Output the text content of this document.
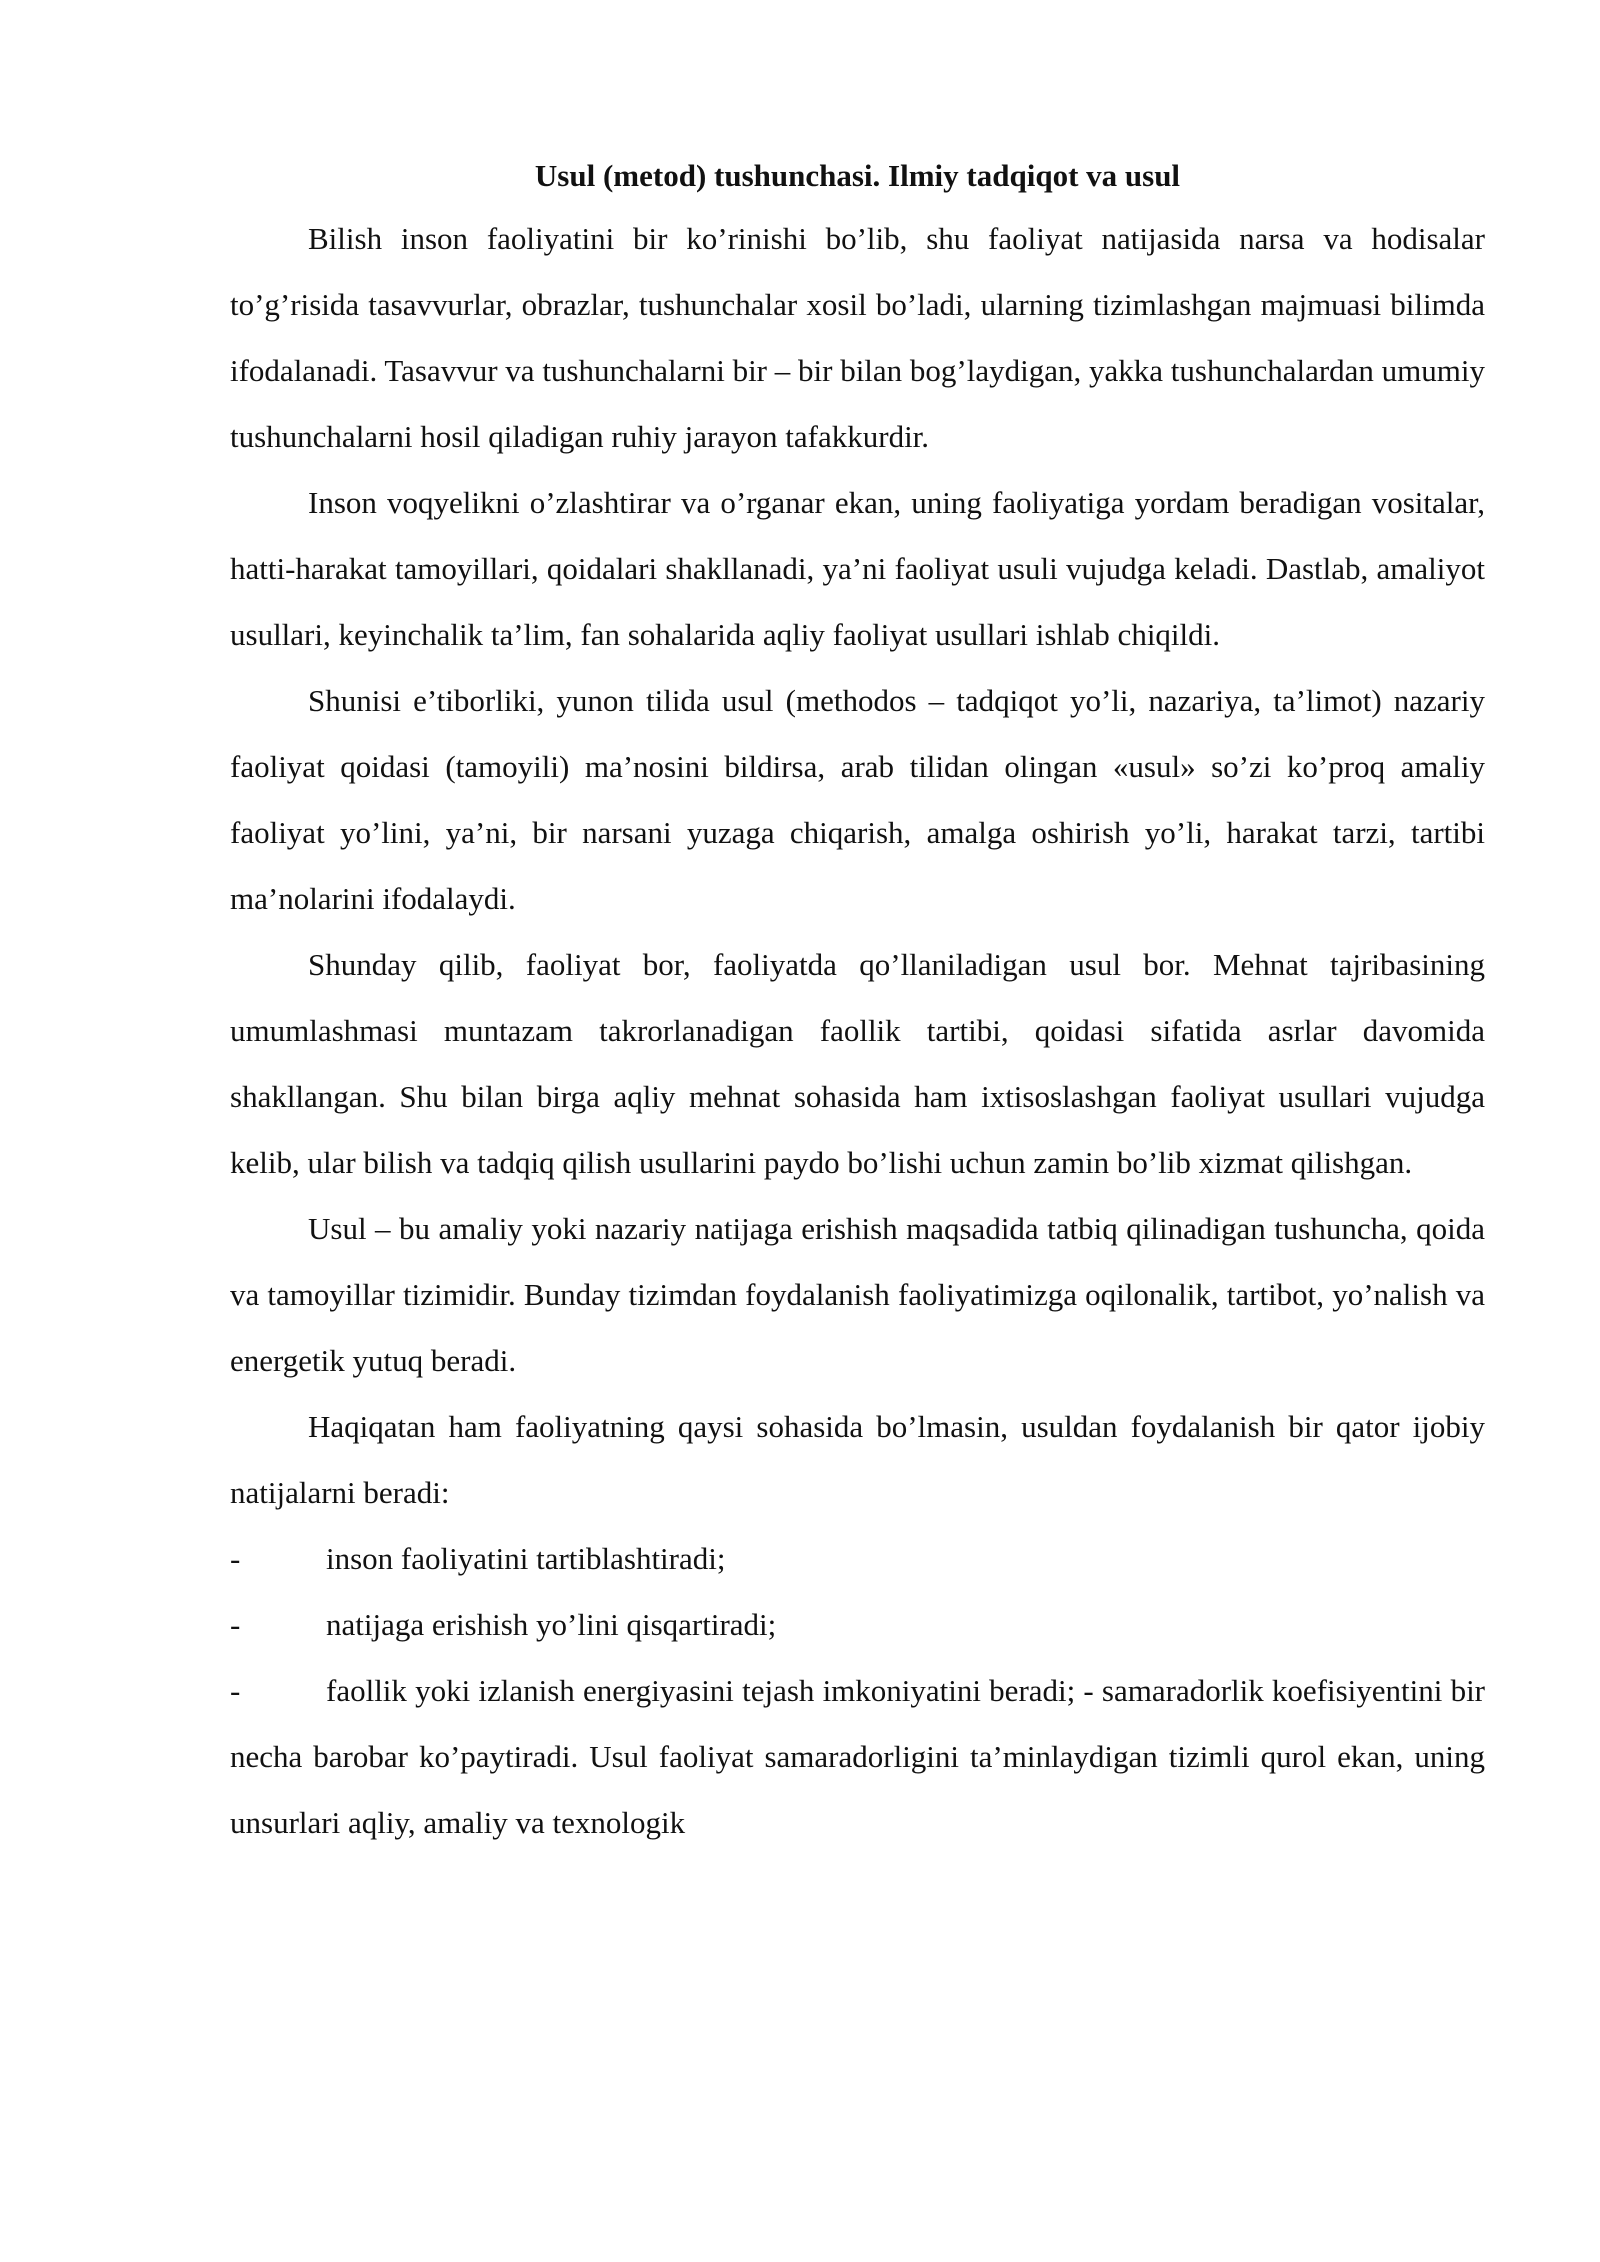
Usul (metod) tushunchasi. Ilmiy tadqiqot va usul

Bilish inson faoliyatini bir ko’rinishi bo’lib, shu faoliyat natijasida narsa va hodisalar to’g’risida tasavvurlar, obrazlar, tushunchalar xosil bo’ladi, ularning tizimlashgan majmuasi bilimda ifodalanadi. Tasavvur va tushunchalarni bir – bir bilan bog’laydigan, yakka tushunchalardan umumiy tushunchalarni hosil qiladigan ruhiy jarayon tafakkurdir.

Inson voqyelikni o’zlashtirar va o’rganar ekan, uning faoliyatiga yordam beradigan vositalar, hatti-harakat tamoyillari, qoidalari shakllanadi, ya’ni faoliyat usuli vujudga keladi. Dastlab, amaliyot usullari, keyinchalik ta’lim, fan sohalarida aqliy faoliyat usullari ishlab chiqildi.

Shunisi e’tiborliki, yunon tilida usul (methodos – tadqiqot yo’li, nazariya, ta’limot) nazariy faoliyat qoidasi (tamoyili) ma’nosini bildirsa, arab tilidan olingan «usul» so’zi ko’proq amaliy faoliyat yo’lini, ya’ni, bir narsani yuzaga chiqarish, amalga oshirish yo’li, harakat tarzi, tartibi ma’nolarini ifodalaydi.

Shunday qilib, faoliyat bor, faoliyatda qo’llaniladigan usul bor. Mehnat tajribasining umumlashmasi muntazam takrorlanadigan faollik tartibi, qoidasi sifatida asrlar davomida shakllangan. Shu bilan birga aqliy mehnat sohasida ham ixtisoslashgan faoliyat usullari vujudga kelib, ular bilish va tadqiq qilish usullarini paydo bo’lishi uchun zamin bo’lib xizmat qilishgan.

Usul – bu amaliy yoki nazariy natijaga erishish maqsadida tatbiq qilinadigan tushuncha, qoida va tamoyillar tizimidir. Bunday tizimdan foydalanish faoliyatimizga oqilonalik, tartibot, yo’nalish va energetik yutuq beradi.

Haqiqatan ham faoliyatning qaysi sohasida bo’lmasin, usuldan foydalanish bir qator ijobiy natijalarni beradi:

-	inson faoliyatini tartiblashtiradi;

-	natijaga erishish yo’lini qisqartiradi;

-	faollik yoki izlanish energiyasini tejash imkoniyatini beradi; - samaradorlik koefisiyentini bir necha barobar ko’paytiradi. Usul faoliyat samaradorligini ta’minlaydigan tizimli qurol ekan, uning unsurlari aqliy, amaliy va texnologik
